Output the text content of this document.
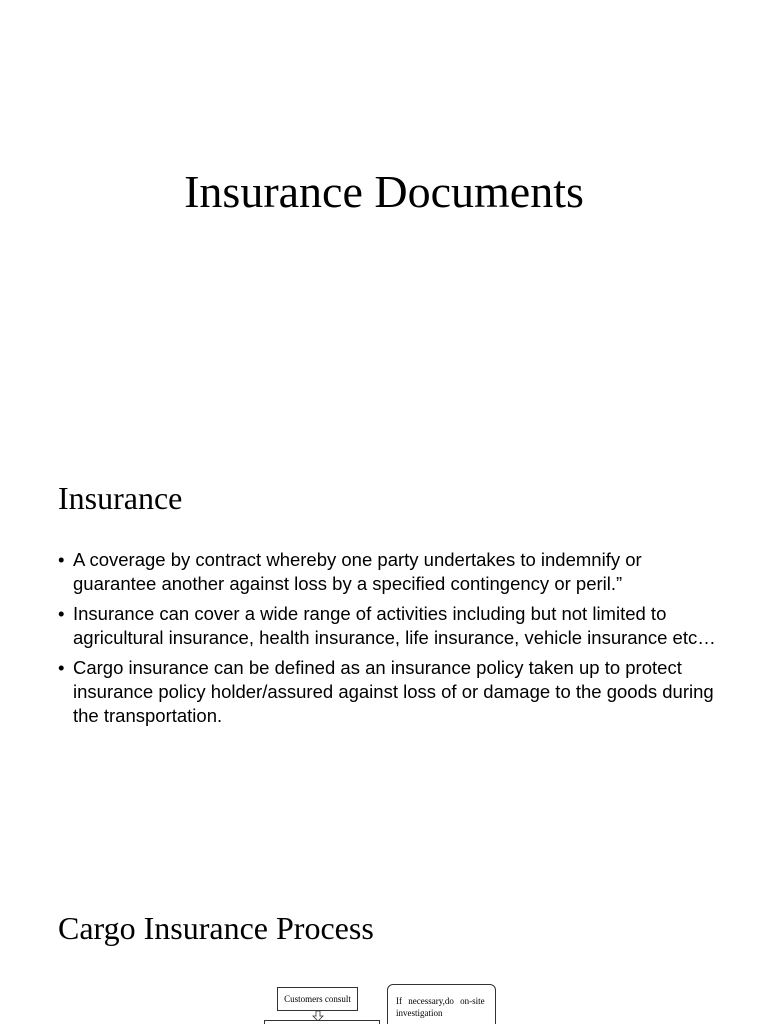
Insurance Documents
Insurance
• A coverage by contract whereby one party undertakes to indemnify or guarantee another against loss by a specified contingency or peril.”
• Insurance can cover a wide range of activities including but not limited to agricultural insurance, health insurance, life insurance, vehicle insurance etc…
• Cargo insurance can be defined as an insurance policy taken up to protect insurance policy holder/assured against loss of or damage to the goods during the transportation.
Cargo Insurance Process
Customers consult	If necessary,do on-site investigation
